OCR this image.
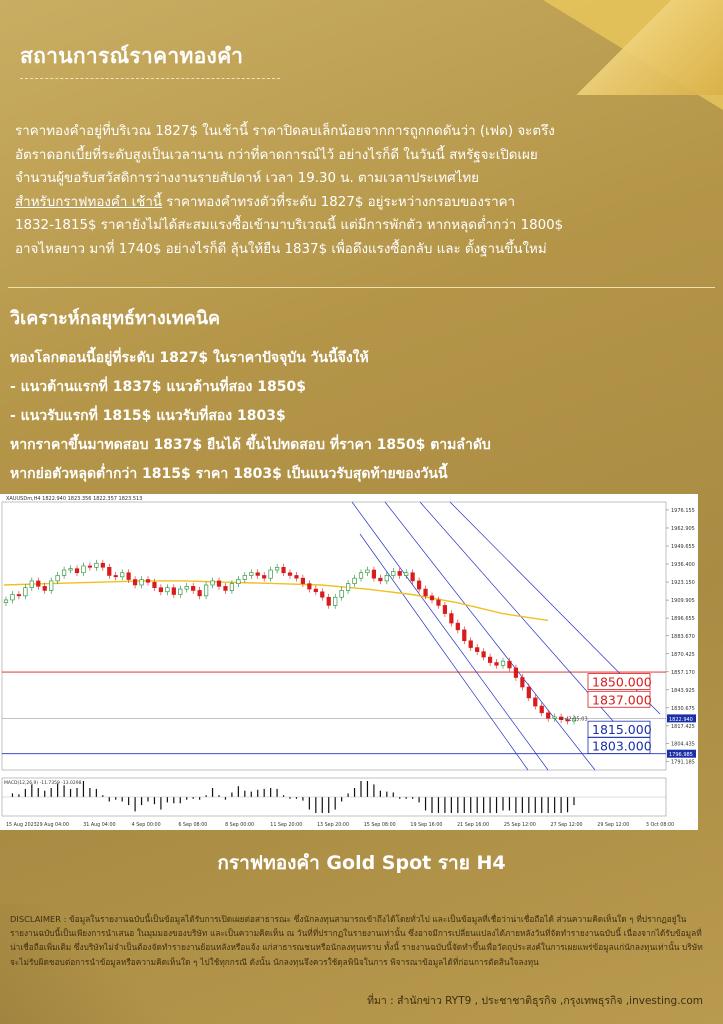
สถานการณ์ราคาทองคำ

ราคาทองคำอยู่ที่บริเวณ 1827$ ในเช้านี้ ราคาปิดลบเล็กน้อยจากการถูกกดดันว่า (เฟด) จะตรึง

อัตราดอกเบี้ยที่ระดับสูงเป็นเวลานาน กว่าที่คาดการณ์ไว้ อย่างไรก็ดี ในวันนี้ สหรัฐจะเปิดเผย

จำนวนผู้ขอรับสวัสดิการว่างงานรายสัปดาห์ เวลา 19.30 น. ตามเวลาประเทศไทย

สำหรับกราฟทองคำ เช้านี้ ราคาทองคำทรงตัวที่ระดับ 1827$ อยู่ระหว่างกรอบของราคา

1832-1815$ ราคายังไม่ได้สะสมแรงซื้อเข้ามาบริเวณนี้ แต่มีการพักตัว หากหลุดต่ำกว่า 1800$

อาจไหลยาว มาที่ 1740$ อย่างไรก็ดี ลุ้นให้ยืน 1837$ เพื่อดึงแรงซื้อกลับ และ ตั้งฐานขึ้นใหม่

วิเคราะห์กลยุทธ์ทางเทคนิค

ทองโลกตอนนี้อยู่ที่ระดับ 1827$ ในราคาปัจจุบัน วันนี้จึงให้

- แนวต้านแรกที่ 1837$ แนวต้านที่สอง 1850$

- แนวรับแรกที่ 1815$ แนวรับที่สอง 1803$

หากราคาขึ้นมาทดสอบ 1837$ ยืนได้ ขึ้นไปทดสอบ ที่ราคา 1850$ ตามลำดับ

หากย่อตัวหลุดต่ำกว่า 1815$ ราคา 1803$ เป็นแนวรับสุดท้ายของวันนี้

XAUUSDm,H4 1822.940 1823.356 1822.357 1823.513
MACD(12,26,9) -11.7359 -13.0298
1976.155
1962.905
1949.655
1936.400
1923.150
1909.905
1896.655
1883.670
1870.425
1857.170
1843.925
1830.675
1817.425
1804.435
1791.185
15 Aug 2023 29 Aug 04:00	31 Aug 04:00	4 Sep 00:00	6 Sep 08:00	8 Sep 00:00	11 Sep 20:00	13 Sep 20:00	15 Sep 08:00	19 Sep 16:00	21 Sep 16:00	25 Sep 12:00	27 Sep 12:00	29 Sep 12:00	3 Oct 08:00
1850.000
1837.000
1815.000
1803.000
1822.940
1796.985
<<2:05:03
กราฟทองคำ Gold Spot ราย H4
DISCLAIMER : ข้อมูลในรายงานฉบับนี้เป็นข้อมูลได้รับการเปิดเผยต่อสาธารณะ ซึ่งนักลงทุนสามารถเข้าถึงได้โดยทั่วไป และเป็นข้อมูลที่เชื่อว่าน่าเชื่อถือได้ ส่วนความคิดเห็นใด ๆ ที่ปรากฏอยู่ในรายงานฉบับนี้เป็นเพียงการนำเสนอ ในมุมมองของบริษัท และเป็นความคิดเห็น ณ วันที่ที่ปรากฏในรายงานเท่านั้น ซึ่งอาจมีการเปลี่ยนแปลงได้ภายหลังวันที่จัดทำรายงานฉบับนี้ เนื่องจากได้รับข้อมูลที่น่าเชื่อถือเพิ่มเติม ซึ่งบริษัทไม่จำเป็นต้องจัดทำรายงานย้อนหลังหรือแจ้ง แก่สาธารณชนหรือนักลงทุนทราบ ทั้งนี้ รายงานฉบับนี้จัดทำขึ้นเพื่อวัตถุประสงค์ในการเผยแพร่ข้อมูลแก่นักลงทุนเท่านั้น บริษัทจะไม่รับผิดชอบต่อการนำข้อมูลหรือความคิดเห็นใด ๆ ไปใช้ทุกกรณี ดังนั้น นักลงทุนจึงควรใช้ดุลพินิจในการ พิจารณาข้อมูลได้ที่ก่อนการตัดสินใจลงทุน
ที่มา : สำนักข่าว RYT9 , ประชาชาติธุรกิจ ,กรุงเทพธุรกิจ ,investing.com
